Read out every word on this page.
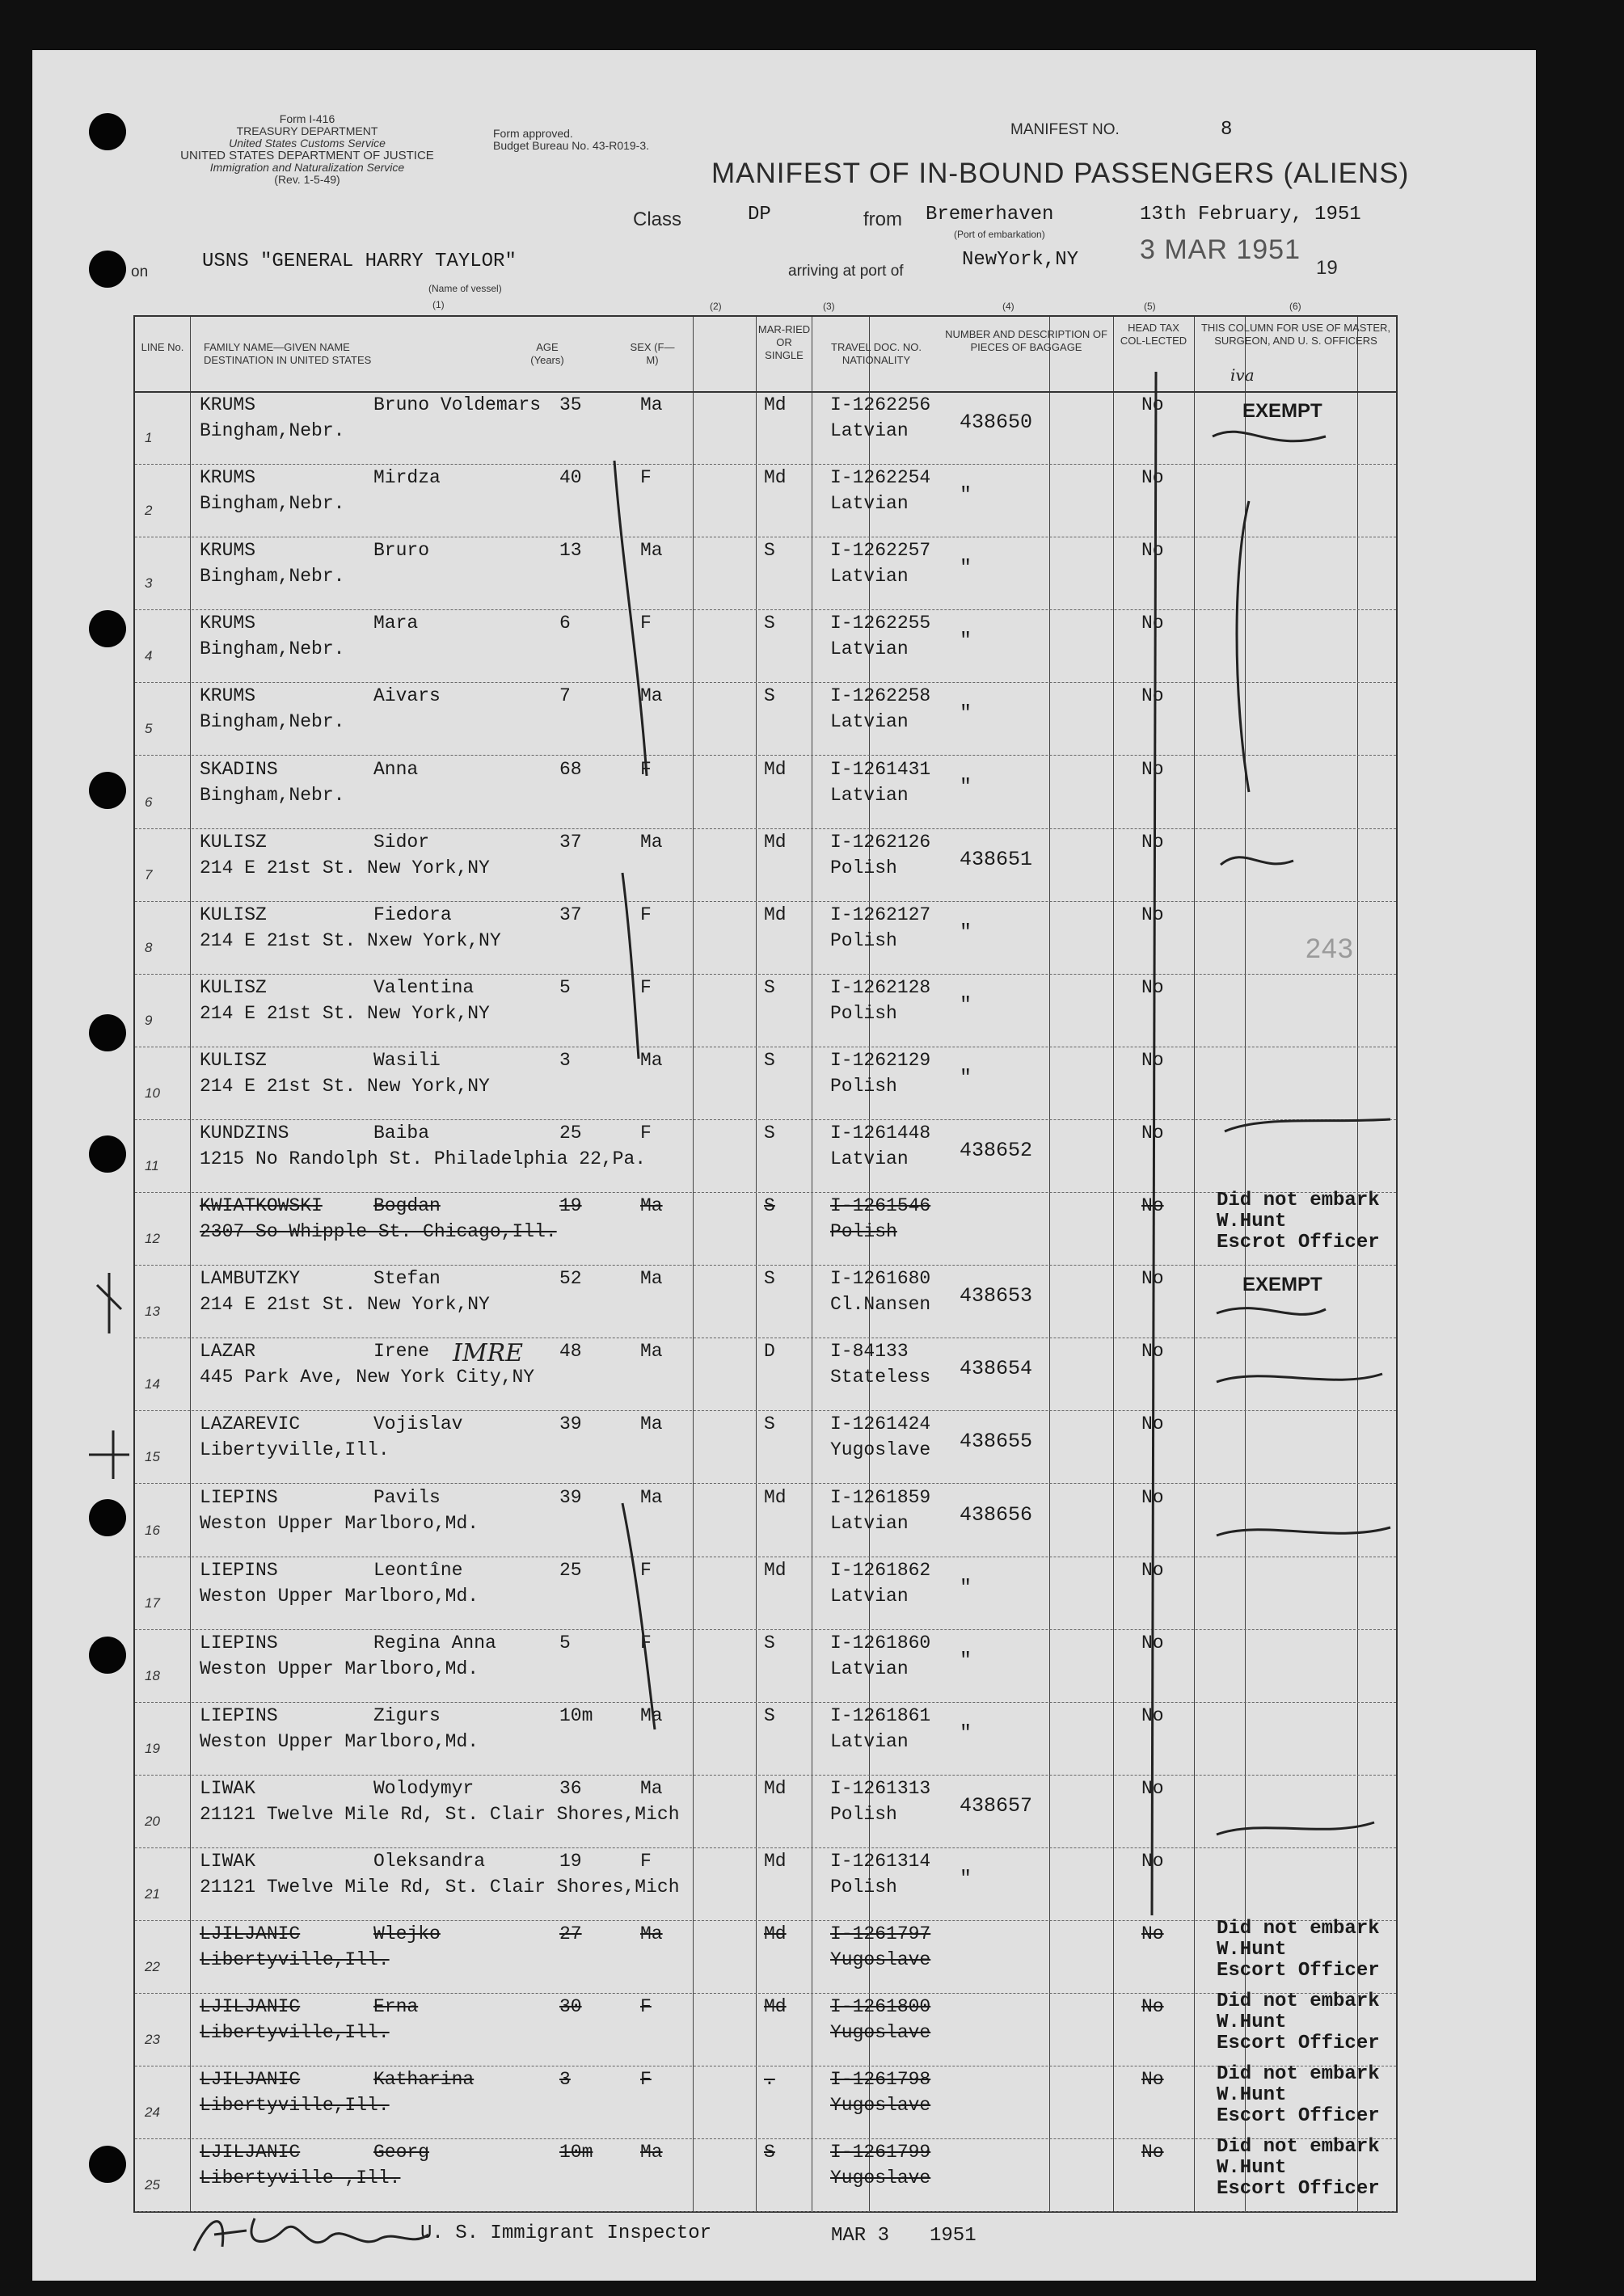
Form I-416
TREASURY DEPARTMENT
United States Customs Service
UNITED STATES DEPARTMENT OF JUSTICE
Immigration and Naturalization Service
(Rev. 1-5-49)
Form approved.
Budget Bureau No. 43-R019-3.
MANIFEST NO.	8
MANIFEST OF IN-BOUND PASSENGERS (ALIENS)
Class	DP	from Bremerhaven	13th February, 1951
(Port of embarkation)
on	USNS "GENERAL HARRY TAYLOR"
(Name of vessel)
(1)
arriving at port of
NewYork,NY 3 MAR 1951
19
(2)	(3)	(4)	(5)	(6)
LINE No. FAMILY NAME—GIVEN NAME DESTINATION IN UNITED STATES
AGE (Years)
SEX (F—M)
MAR-RIED OR SINGLE
TRAVEL DOC. NO. NATIONALITY
NUMBER AND DESCRIPTION OF PIECES OF BAGGAGE
HEAD TAX COL-LECTED
THIS COLUMN FOR USE OF MASTER, SURGEON, AND U. S. OFFICERS
1
KRUMS	Bruno Voldemars
Bingham,Nebr.
35	Ma	Md I-1262256
Latvian	438650
No	EXEMPT
2
KRUMS	Mirdza
Bingham,Nebr.
40	F	Md I-1262254
Latvian	"
No
3
KRUMS	Bruro
Bingham,Nebr.
13	Ma	S	I-1262257
Latvian	"
No
4
KRUMS	Mara
Bingham,Nebr.
6	F	S	I-1262255
Latvian	"
No
5
KRUMS	Aivars
Bingham,Nebr.
7	Ma	S	I-1262258
Latvian	"
No
6
SKADINS	Anna
Bingham,Nebr.
68	F	Md I-1261431
Latvian	"
No
7
KULISZ	Sidor
214 E 21st St. New York,NY
37	Ma	Md I-1262126
Polish	438651
No
8
KULISZ	Fiedora
214 E 21st St. Nxew York,NY
37	F	Md I-1262127
Polish	"
No
9
KULISZ	Valentina
214 E 21st St. New York,NY
5	F	S	I-1262128
Polish	"
No
10
KULISZ	Wasili
214 E 21st St. New York,NY
3	Ma	S	I-1262129
Polish	"
No
11
KUNDZINS	Baiba
1215 No Randolph St. Philadelphia 22,Pa.
25	F	S	I-1261448
Latvian	438652
No
12
KWIATKOWSKI	Bogdan
2307 So Whipple St. Chicago,Ill.
19	Ma	S	I-1261546
Polish
No	Did not embark
W.Hunt
Escrot Officer
13
LAMBUTZKY	Stefan
214 E 21st St. New York,NY
52	Ma	S	I-1261680
Cl.Nansen 438653
No	EXEMPT
14
LAZAR	Irene
445 Park Ave, New York City,NY
48	Ma	D	I-84133
Stateless 438654
No
15
LAZAREVIC	Vojislav
Libertyville,Ill.
39	Ma	S	I-1261424
Yugoslave 438655
No
16
LIEPINS	Pavils
Weston Upper Marlboro,Md.
39	Ma	Md I-1261859
Latvian	438656
No
17
LIEPINS	Leontîne
Weston Upper Marlboro,Md.
25	F	Md I-1261862
Latvian	"
No
18
LIEPINS	Regina Anna
Weston Upper Marlboro,Md.
5	F	S	I-1261860
Latvian	"
No
19
LIEPINS	Zigurs
Weston Upper Marlboro,Md.
10m	Ma	S	I-1261861
Latvian	"
No
20
LIWAK	Wolodymyr
21121 Twelve Mile Rd, St. Clair Shores,Mich
36	Ma	Md I-1261313
Polish	438657
No
21
LIWAK	Oleksandra
21121 Twelve Mile Rd, St. Clair Shores,Mich
19	F	Md I-1261314
Polish	"
No
22
LJILJANIC	Wlejko
Libertyville,Ill.
27	Ma	Md I-1261797
Yugoslave
No	Did not embark
W.Hunt
Escort Officer
23
LJILJANIC	Erna
Libertyville,Ill.
30	F	Md I-1261800
Yugoslave
No	Did not embark
W.Hunt
Escort Officer
24
LJILJANIC	Katharina
Libertyville,Ill.
3	F	.	I-1261798
Yugoslave
No	Did not embark
W.Hunt
Escort Officer
25
LJILJANIC	Georg
Libertyville ,Ill.
10m	Ma	S	I-1261799
Yugoslave
No	Did not embark
W.Hunt
Escort Officer
IMRE
243
iva
U. S. Immigrant Inspector	MAR 3 1951
